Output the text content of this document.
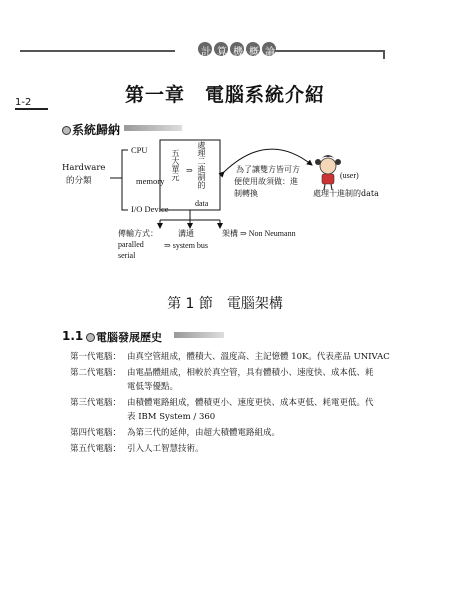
計算機概論
1-2	第一章　電腦系統介紹
系統歸納
Hardware
的分類
CPU
memory
I/O Device
五大單元 ⇒ 處理二進制的
data
為了讓雙方皆可方
便使用故須做：進
制轉換
(user)
處理十進制的data
傳輸方式：
paralled
serial
溝通
⇒ system bus
架構 ⇒ Non Neumann
第 1 節　電腦架構
1.1 電腦發展歷史
第一代電腦： 由真空管組成，體積大、溫度高、主記憶體 10K。代表產品 UNIVAC
第二代電腦： 由電晶體組成，相較於真空管，具有體積小、速度快、成本低、耗
電低等優點。
第三代電腦： 由積體電路組成，體積更小、速度更快、成本更低、耗電更低。代
表 IBM System / 360
第四代電腦： 為第三代的延伸，由超大積體電路組成。
第五代電腦： 引入人工智慧技術。
